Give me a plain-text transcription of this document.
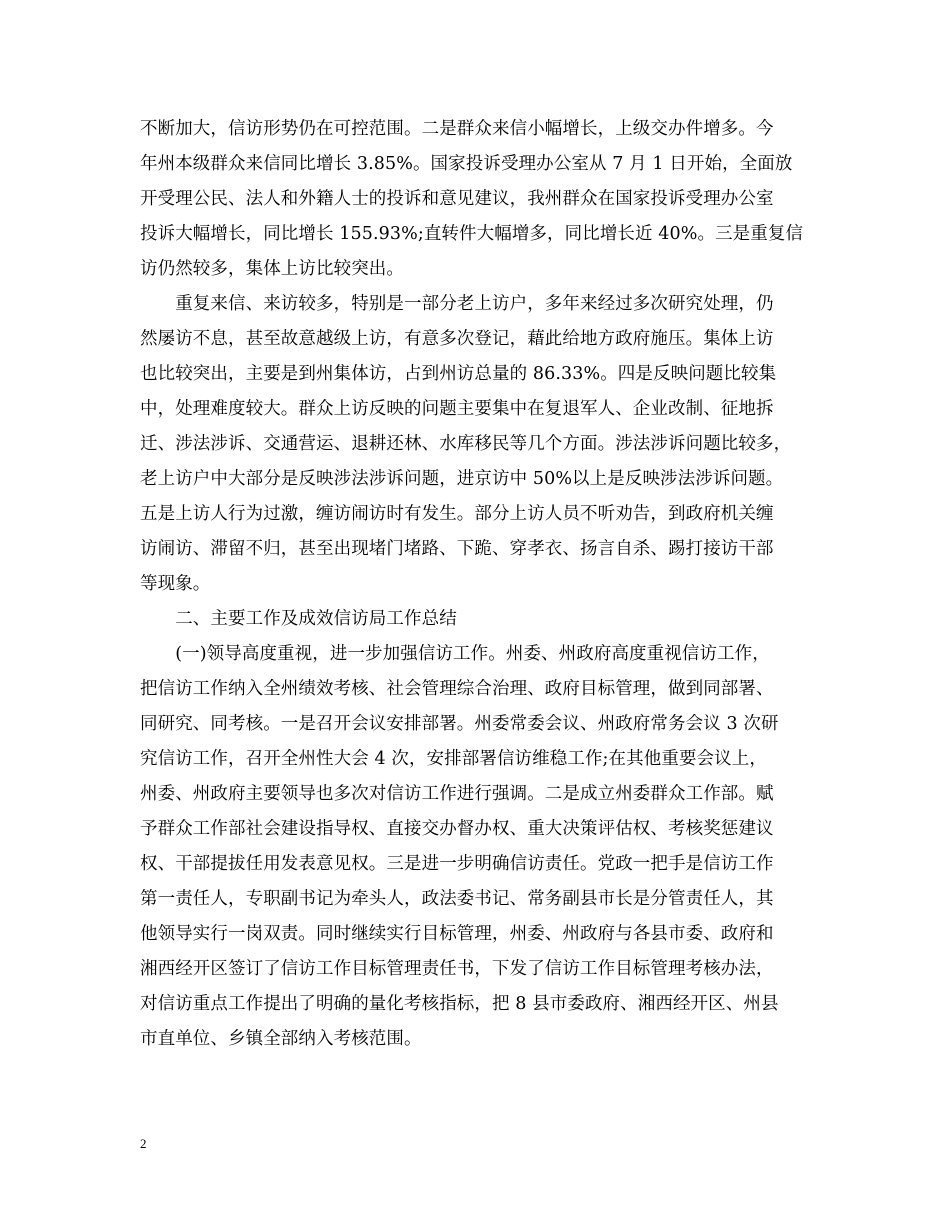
不断加大，信访形势仍在可控范围。二是群众来信小幅增长，上级交办件增多。今
年州本级群众来信同比增长 3.85%。国家投诉受理办公室从 7 月 1 日开始，全面放
开受理公民、法人和外籍人士的投诉和意见建议，我州群众在国家投诉受理办公室
投诉大幅增长，同比增长 155.93%;直转件大幅增多，同比增长近 40%。三是重复信
访仍然较多，集体上访比较突出。
　　重复来信、来访较多，特别是一部分老上访户，多年来经过多次研究处理，仍
然屡访不息，甚至故意越级上访，有意多次登记，藉此给地方政府施压。集体上访
也比较突出，主要是到州集体访，占到州访总量的 86.33%。四是反映问题比较集
中，处理难度较大。群众上访反映的问题主要集中在复退军人、企业改制、征地拆
迁、涉法涉诉、交通营运、退耕还林、水库移民等几个方面。涉法涉诉问题比较多，
老上访户中大部分是反映涉法涉诉问题，进京访中 50%以上是反映涉法涉诉问题。
五是上访人行为过激，缠访闹访时有发生。部分上访人员不听劝告，到政府机关缠
访闹访、滞留不归，甚至出现堵门堵路、下跪、穿孝衣、扬言自杀、踢打接访干部
等现象。
　　二、主要工作及成效信访局工作总结
　　(一)领导高度重视，进一步加强信访工作。州委、州政府高度重视信访工作，
把信访工作纳入全州绩效考核、社会管理综合治理、政府目标管理，做到同部署、
同研究、同考核。一是召开会议安排部署。州委常委会议、州政府常务会议 3 次研
究信访工作，召开全州性大会 4 次，安排部署信访维稳工作;在其他重要会议上，
州委、州政府主要领导也多次对信访工作进行强调。二是成立州委群众工作部。赋
予群众工作部社会建设指导权、直接交办督办权、重大决策评估权、考核奖惩建议
权、干部提拔任用发表意见权。三是进一步明确信访责任。党政一把手是信访工作
第一责任人，专职副书记为牵头人，政法委书记、常务副县市长是分管责任人，其
他领导实行一岗双责。同时继续实行目标管理，州委、州政府与各县市委、政府和
湘西经开区签订了信访工作目标管理责任书，下发了信访工作目标管理考核办法，
对信访重点工作提出了明确的量化考核指标，把 8 县市委政府、湘西经开区、州县
市直单位、乡镇全部纳入考核范围。
2
